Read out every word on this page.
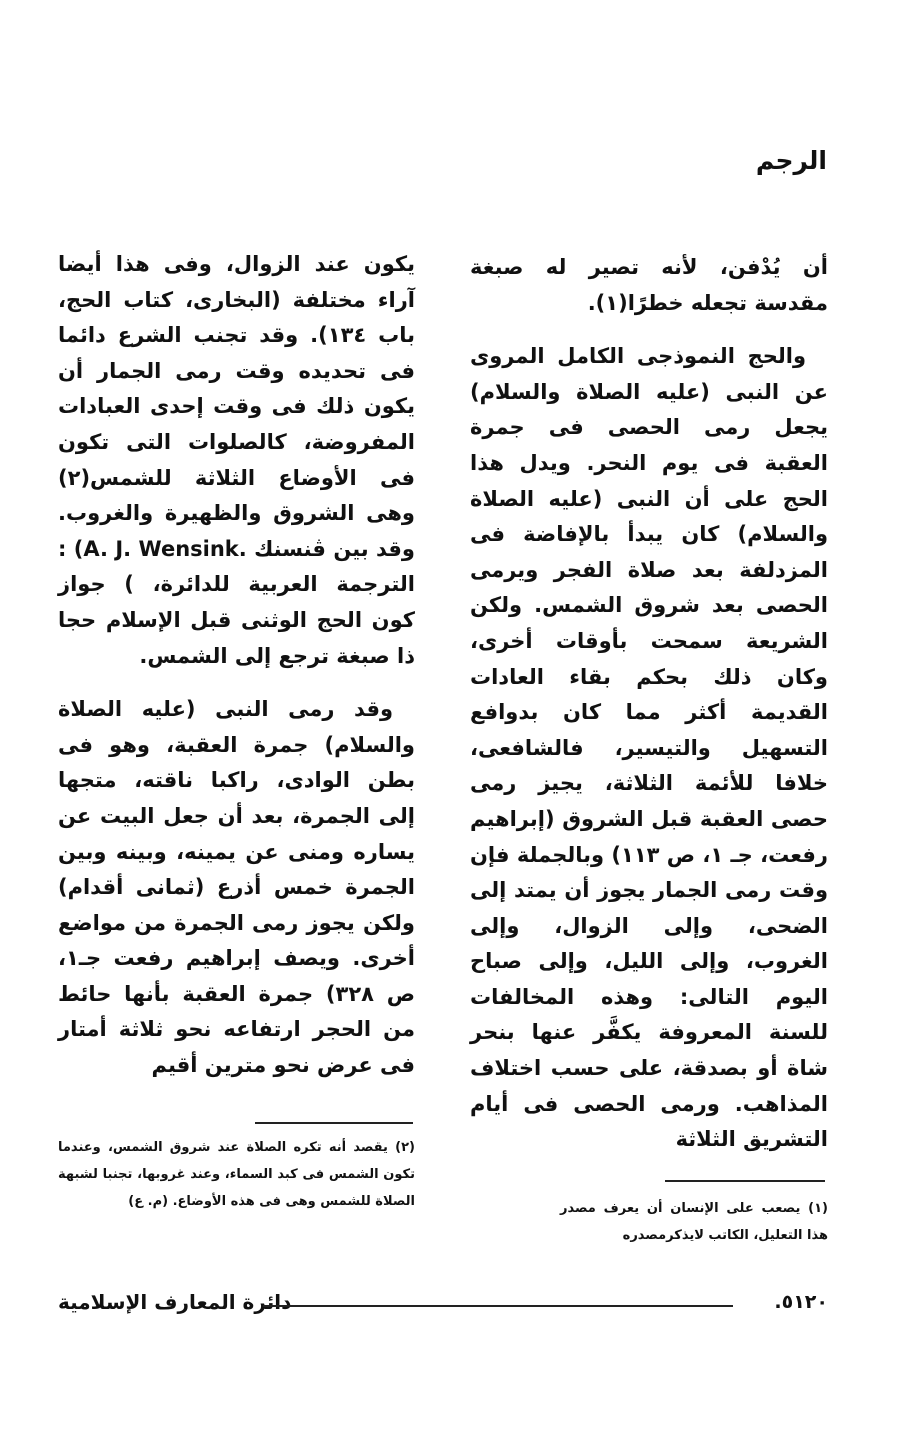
الرجم

أن يُدْفن، لأنه تصير له صبغة مقدسة تجعله خطرًا(١).

والحج النموذجى الكامل المروى عن النبى (عليه الصلاة والسلام) يجعل رمى الحصى فى جمرة العقبة فى يوم النحر. ويدل هذا الحج على أن النبى (عليه الصلاة والسلام) كان يبدأ بالإفاضة فى المزدلفة بعد صلاة الفجر ويرمى الحصى بعد شروق الشمس. ولكن الشريعة سمحت بأوقات أخرى، وكان ذلك بحكم بقاء العادات القديمة أكثر مما كان بدوافع التسهيل والتيسير، فالشافعى، خلافا للأئمة الثلاثة، يجيز رمى حصى العقبة قبل الشروق (إبراهيم رفعت، جـ ١، ص ١١٣) وبالجملة فإن وقت رمى الجمار يجوز أن يمتد إلى الضحى، وإلى الزوال، وإلى الغروب، وإلى الليل، وإلى صباح اليوم التالى: وهذه المخالفات للسنة المعروفة يكفَّر عنها بنحر شاة أو بصدقة، على حسب اختلاف المذاهب. ورمى الحصى فى أيام التشريق الثلاثة

يكون عند الزوال، وفى هذا أيضا آراء مختلفة (البخارى، كتاب الحج، باب ١٣٤). وقد تجنب الشرع دائما فى تحديده وقت رمى الجمار أن يكون ذلك فى وقت إحدى العبادات المفروضة، كالصلوات التى تكون فى الأوضاع الثلاثة للشمس(٢) وهى الشروق والظهيرة والغروب. وقد بين ڤنسنك .A. J. Wensink) : الترجمة العربية للدائرة، ) جواز كون الحج الوثنى قبل الإسلام حجا ذا صبغة ترجع إلى الشمس.

وقد رمى النبى (عليه الصلاة والسلام) جمرة العقبة، وهو فى بطن الوادى، راكبا ناقته، متجها إلى الجمرة، بعد أن جعل البيت عن يساره ومنى عن يمينه، وبينه وبين الجمرة خمس أذرع (ثمانى أقدام) ولكن يجوز رمى الجمرة من مواضع أخرى. ويصف إبراهيم رفعت جـ١، ص ٣٢٨) جمرة العقبة بأنها حائط من الحجر ارتفاعه نحو ثلاثة أمتار فى عرض نحو مترين أقيم

(٢) يقصد أنه تكره الصلاة عند شروق الشمس، وعندما تكون الشمس فى كبد السماء، وعند غروبها، تجنبا لشبهة الصلاة للشمس وهى فى هذه الأوضاع. (م. ع)	(١) يصعب على الإنسان أن يعرف مصدر هذا التعليل، الكاتب لايذكرمصدره
دائرة المعارف الإسلامية	٥١٢٠.
